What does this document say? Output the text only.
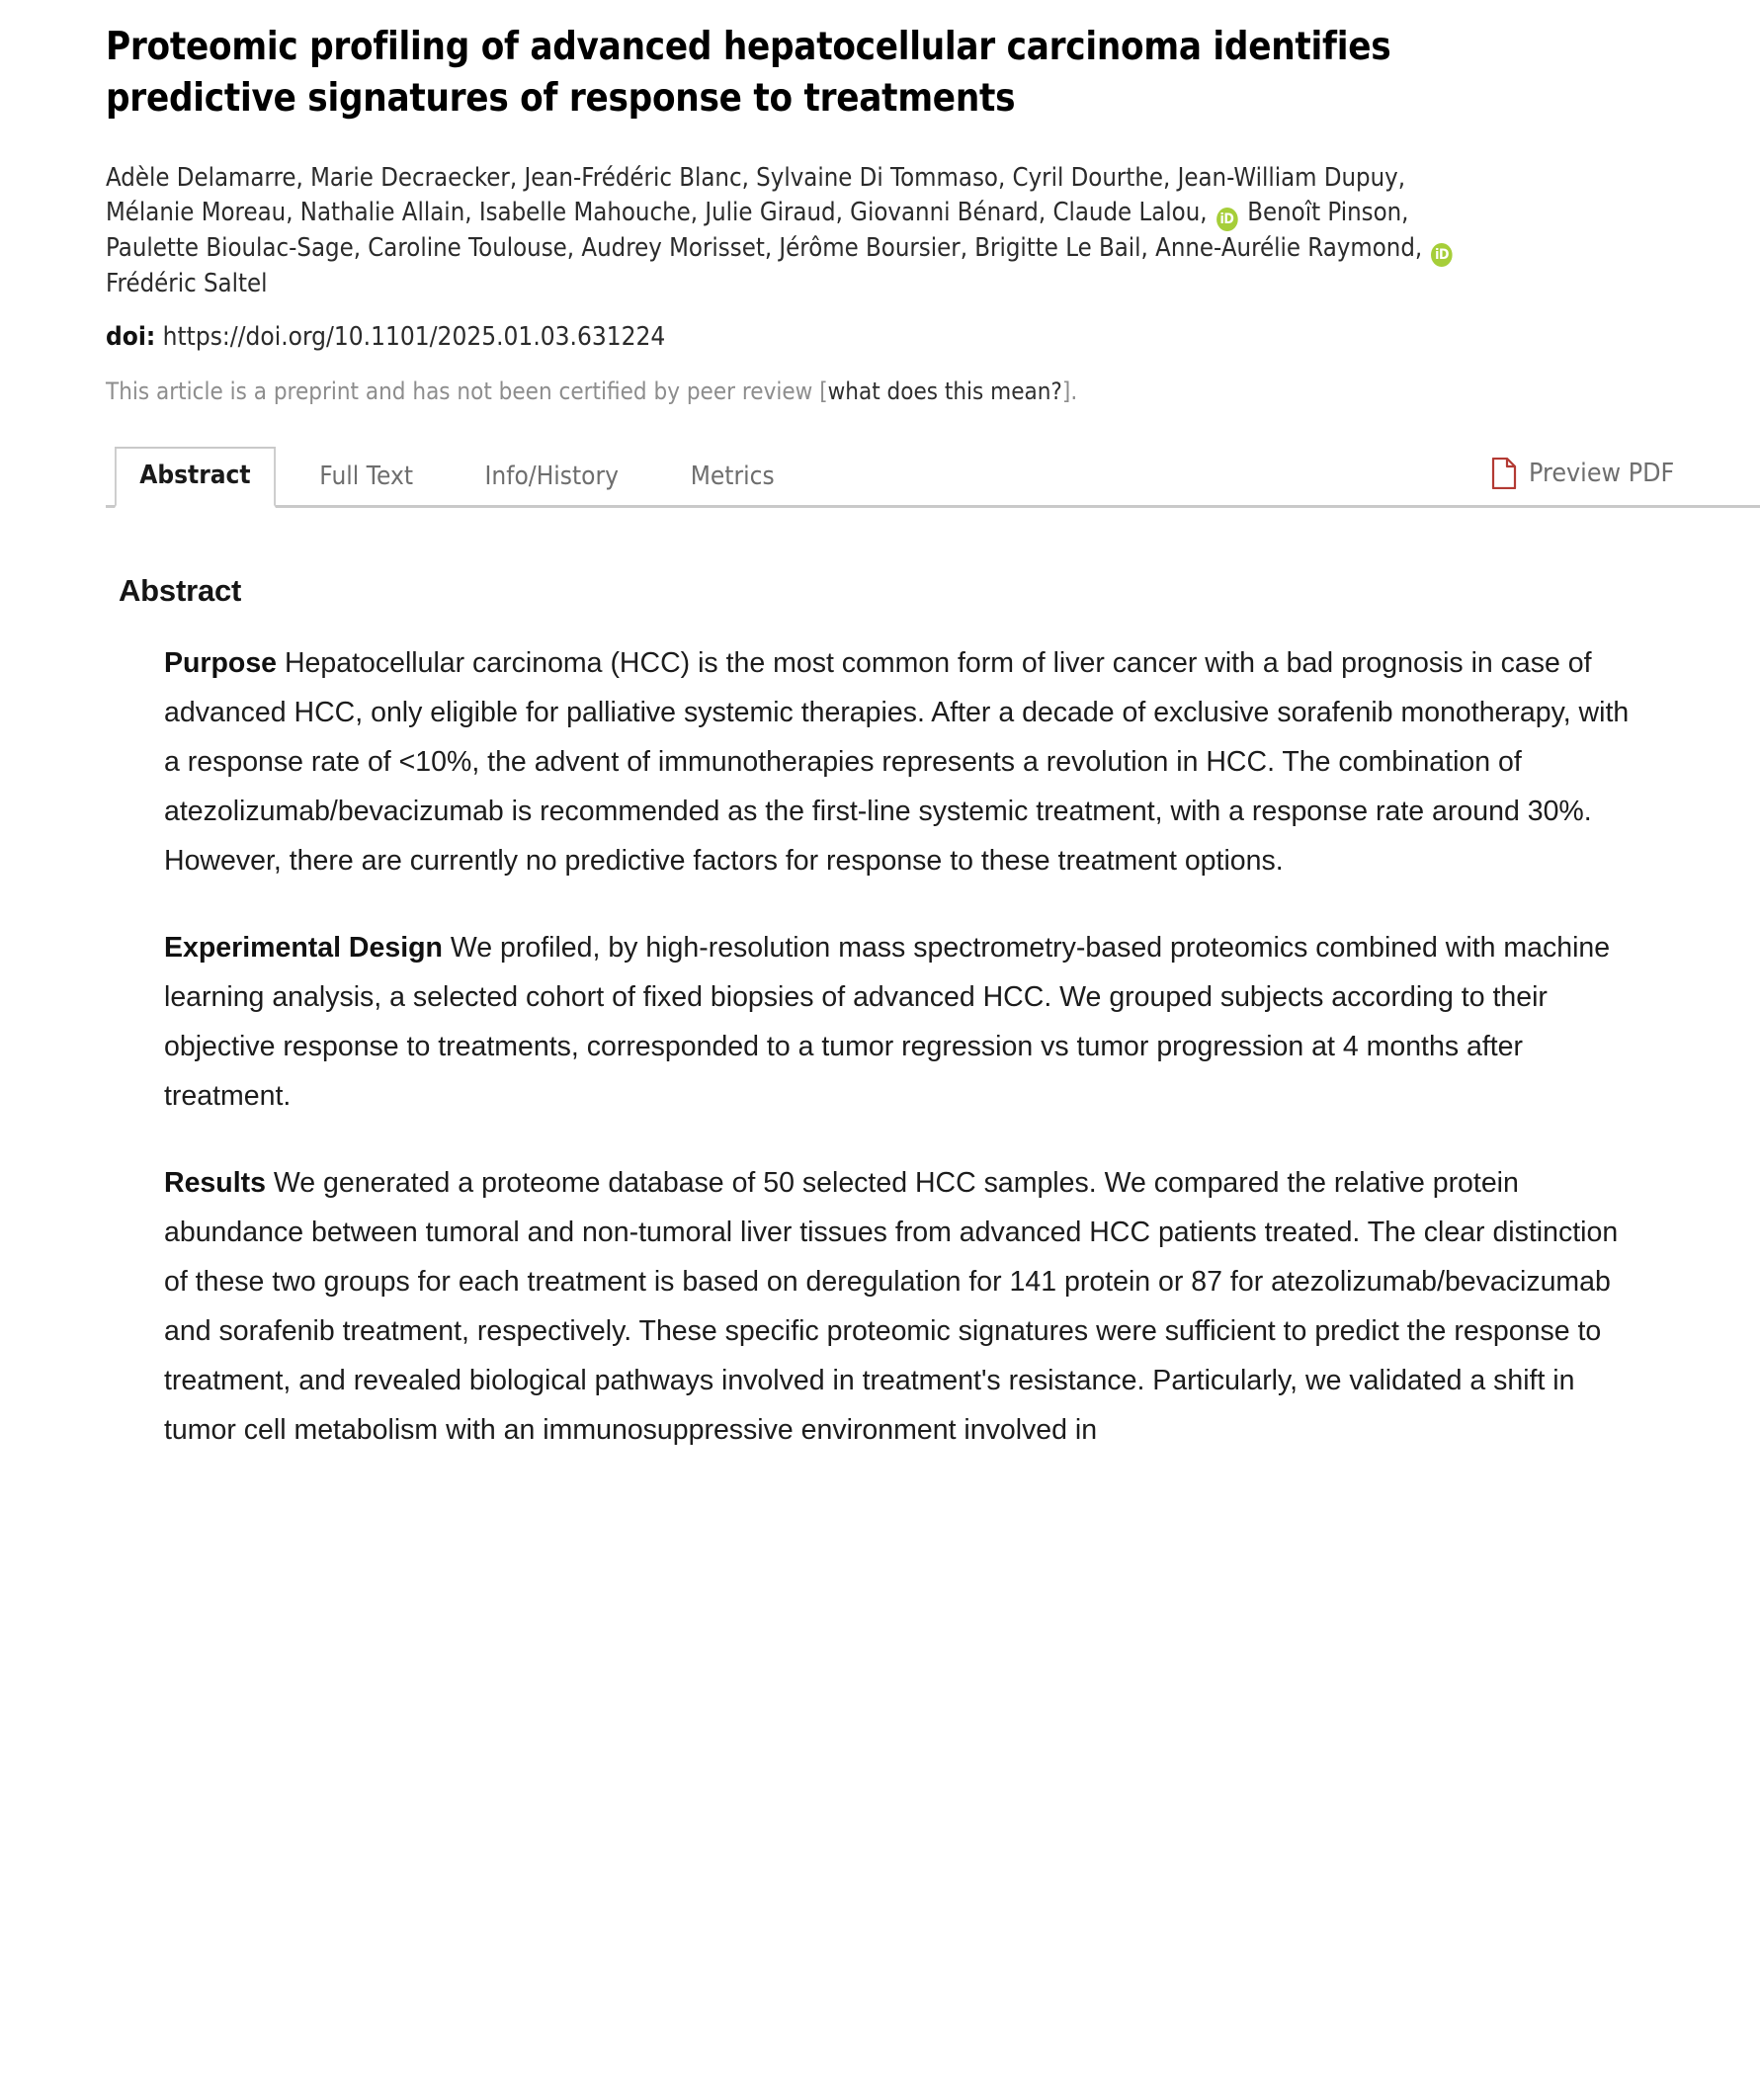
Proteomic profiling of advanced hepatocellular carcinoma identifies predictive signatures of response to treatments
Adèle Delamarre, Marie Decraecker, Jean-Frédéric Blanc, Sylvaine Di Tommaso, Cyril Dourthe, Jean-William Dupuy, Mélanie Moreau, Nathalie Allain, Isabelle Mahouche, Julie Giraud, Giovanni Bénard, Claude Lalou, iD Benoît Pinson, Paulette Bioulac-Sage, Caroline Toulouse, Audrey Morisset, Jérôme Boursier, Brigitte Le Bail, Anne-Aurélie Raymond, iD Frédéric Saltel
doi: https://doi.org/10.1101/2025.01.03.631224
This article is a preprint and has not been certified by peer review [what does this mean?].
Abstract	Full Text	Info/History	Metrics	Preview PDF
Abstract

Purpose Hepatocellular carcinoma (HCC) is the most common form of liver cancer with a bad prognosis in case of advanced HCC, only eligible for palliative systemic therapies. After a decade of exclusive sorafenib monotherapy, with a response rate of <10%, the advent of immunotherapies represents a revolution in HCC. The combination of atezolizumab/bevacizumab is recommended as the first-line systemic treatment, with a response rate around 30%. However, there are currently no predictive factors for response to these treatment options.

Experimental Design We profiled, by high-resolution mass spectrometry-based proteomics combined with machine learning analysis, a selected cohort of fixed biopsies of advanced HCC. We grouped subjects according to their objective response to treatments, corresponded to a tumor regression vs tumor progression at 4 months after treatment.

Results We generated a proteome database of 50 selected HCC samples. We compared the relative protein abundance between tumoral and non-tumoral liver tissues from advanced HCC patients treated. The clear distinction of these two groups for each treatment is based on deregulation for 141 protein or 87 for atezolizumab/bevacizumab and sorafenib treatment, respectively. These specific proteomic signatures were sufficient to predict the response to treatment, and revealed biological pathways involved in treatment's resistance. Particularly, we validated a shift in tumor cell metabolism with an immunosuppressive environment involved in
